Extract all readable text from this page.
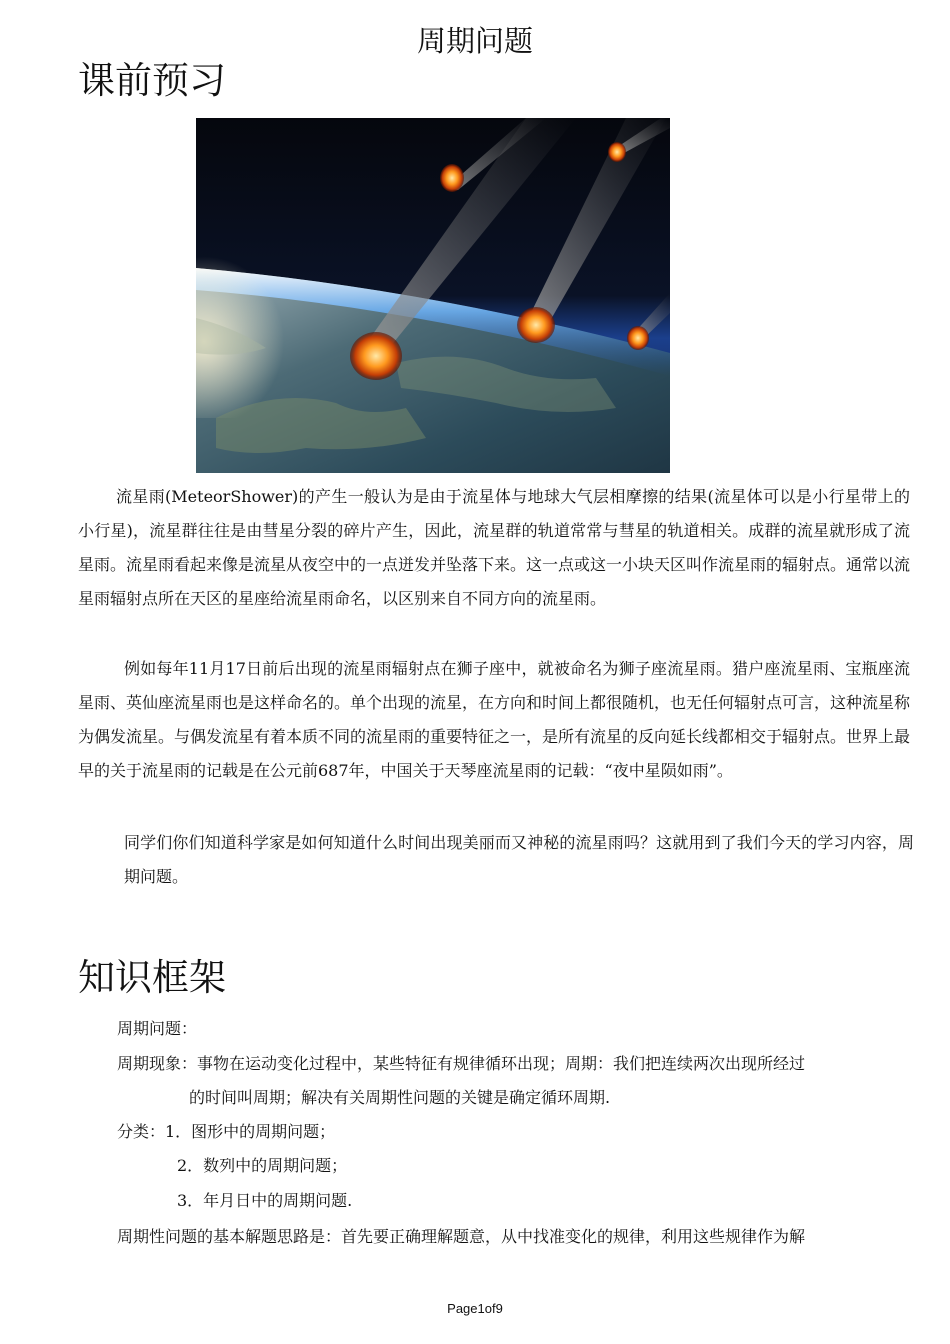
周期问题
课前预习

流星雨(MeteorShower)的产生一般认为是由于流星体与地球大气层相摩擦的结果(流星体可以是小行星带上的小行星)，流星群往往是由彗星分裂的碎片产生，因此，流星群的轨道常常与彗星的轨道相关。成群的流星就形成了流星雨。流星雨看起来像是流星从夜空中的一点迸发并坠落下来。这一点或这一小块天区叫作流星雨的辐射点。通常以流星雨辐射点所在天区的星座给流星雨命名，以区别来自不同方向的流星雨。

例如每年11月17日前后出现的流星雨辐射点在狮子座中，就被命名为狮子座流星雨。猎户座流星雨、宝瓶座流星雨、英仙座流星雨也是这样命名的。单个出现的流星，在方向和时间上都很随机，也无任何辐射点可言，这种流星称为偶发流星。与偶发流星有着本质不同的流星雨的重要特征之一，是所有流星的反向延长线都相交于辐射点。世界上最早的关于流星雨的记载是在公元前687年，中国关于天琴座流星雨的记载：“夜中星陨如雨”。

同学们你们知道科学家是如何知道什么时间出现美丽而又神秘的流星雨吗？这就用到了我们今天的学习内容，周期问题。

知识框架
周期问题：
周期现象：事物在运动变化过程中，某些特征有规律循环出现；周期：我们把连续两次出现所经过
的时间叫周期；解决有关周期性问题的关键是确定循环周期.
分类：1．图形中的周期问题；
2．数列中的周期问题；
3．年月日中的周期问题.
周期性问题的基本解题思路是：首先要正确理解题意，从中找准变化的规律，利用这些规律作为解
Page1of9
